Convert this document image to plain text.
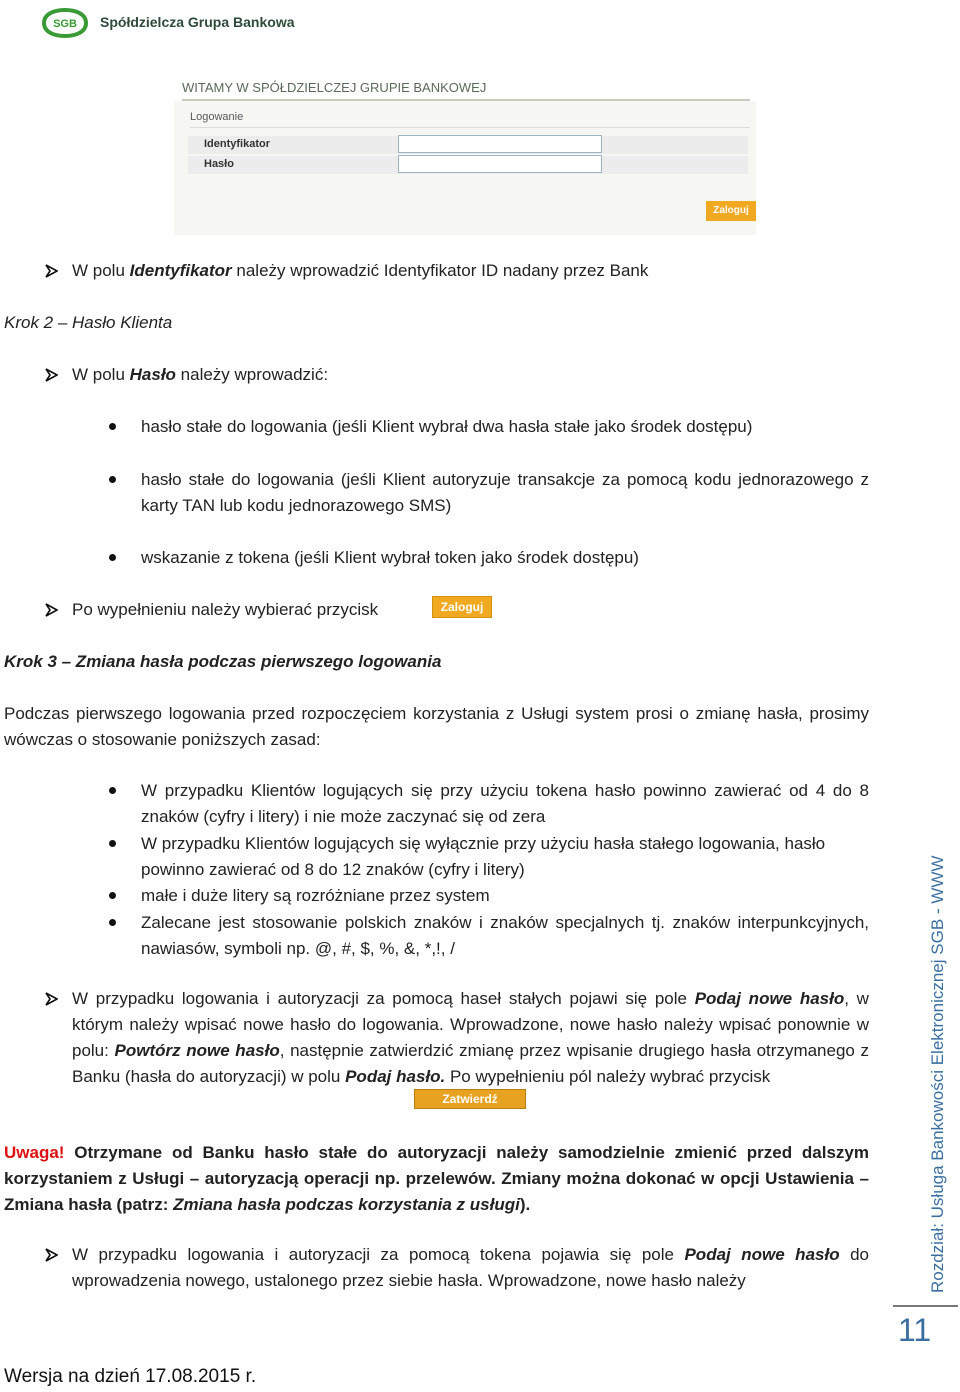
SGB Spółdzielcza Grupa Bankowa
WITAMY W SPÓŁDZIELCZEJ GRUPIE BANKOWEJ
Logowanie
Identyfikator
Hasło
Zaloguj
W polu Identyfikator należy wprowadzić Identyfikator ID nadany przez Bank
Krok 2 – Hasło Klienta
W polu Hasło należy wprowadzić:
hasło stałe do logowania (jeśli Klient wybrał dwa hasła stałe jako środek dostępu)
hasło stałe do logowania (jeśli Klient autoryzuje transakcje za pomocą kodu jednorazowego z karty TAN lub kodu jednorazowego SMS)
wskazanie z tokena (jeśli Klient wybrał token jako środek dostępu)
Po wypełnieniu należy wybierać przycisk	Zaloguj
Krok 3 – Zmiana hasła podczas pierwszego logowania
Podczas pierwszego logowania przed rozpoczęciem korzystania z Usługi system prosi o zmianę hasła, prosimy wówczas o stosowanie poniższych zasad:
W przypadku Klientów logujących się przy użyciu tokena hasło powinno zawierać od 4 do 8 znaków (cyfry i litery) i nie może zaczynać się od zera
W przypadku Klientów logujących się wyłącznie przy użyciu hasła stałego logowania, hasło powinno zawierać od 8 do 12 znaków (cyfry i litery)
małe i duże litery są rozróżniane przez system
Zalecane jest stosowanie polskich znaków i znaków specjalnych tj. znaków interpunkcyjnych, nawiasów, symboli np. @, #, $, %, &, *,!, /
W przypadku logowania i autoryzacji za pomocą haseł stałych pojawi się pole Podaj nowe hasło, w którym należy wpisać nowe hasło do logowania. Wprowadzone, nowe hasło należy wpisać ponownie w polu: Powtórz nowe hasło, następnie zatwierdzić zmianę przez wpisanie drugiego hasła otrzymanego z Banku (hasła do autoryzacji) w polu Podaj hasło. Po wypełnieniu pól należy wybrać przycisk
Zatwierdź
Uwaga! Otrzymane od Banku hasło stałe do autoryzacji należy samodzielnie zmienić przed dalszym korzystaniem z Usługi – autoryzacją operacji np. przelewów. Zmiany można dokonać w opcji Ustawienia – Zmiana hasła (patrz: Zmiana hasła podczas korzystania z usługi).
W przypadku logowania i autoryzacji za pomocą tokena pojawia się pole Podaj nowe hasło do wprowadzenia nowego, ustalonego przez siebie hasła. Wprowadzone, nowe hasło należy	Rozdział: Usługa Bankowości Elektronicznej SGB - WWW
11
Wersja na dzień 17.08.2015 r.
